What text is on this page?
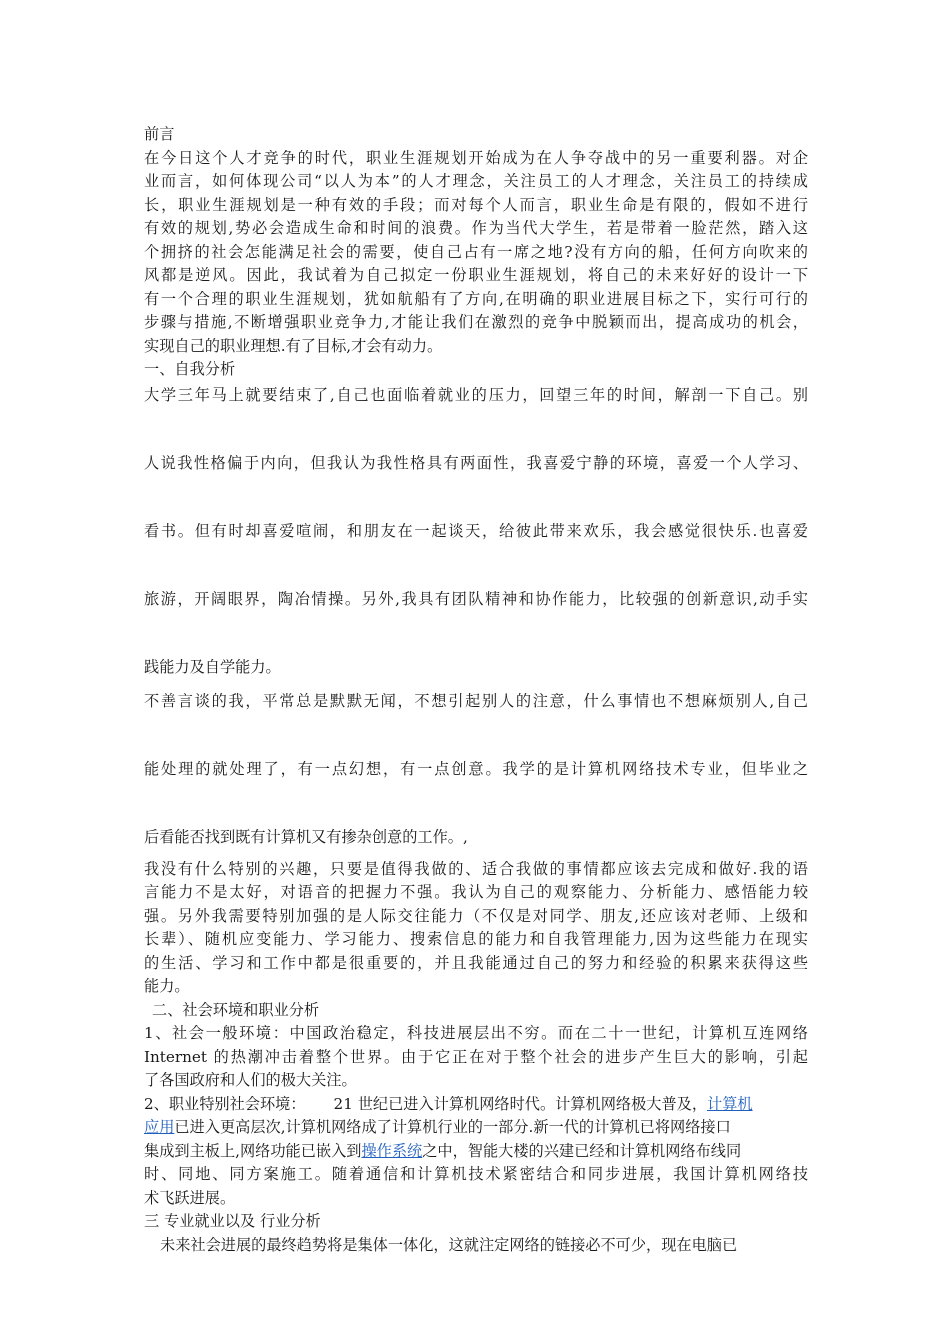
前言
在今日这个人才竞争的时代，职业生涯规划开始成为在人争夺战中的另一重要利器。对企
业而言，如何体现公司“以人为本”的人才理念，关注员工的人才理念，关注员工的持续成
长，职业生涯规划是一种有效的手段；而对每个人而言，职业生命是有限的，假如不进行
有效的规划,势必会造成生命和时间的浪费。作为当代大学生，若是带着一脸茫然，踏入这
个拥挤的社会怎能满足社会的需要，使自己占有一席之地?没有方向的船，任何方向吹来的
风都是逆风。因此，我试着为自己拟定一份职业生涯规划，将自己的未来好好的设计一下
有一个合理的职业生涯规划，犹如航船有了方向,在明确的职业进展目标之下，实行可行的
步骤与措施,不断增强职业竞争力,才能让我们在激烈的竞争中脱颖而出，提高成功的机会，
实现自己的职业理想.有了目标,才会有动力。
一、自我分析
大学三年马上就要结束了,自己也面临着就业的压力，回望三年的时间，解剖一下自己。别
人说我性格偏于内向，但我认为我性格具有两面性，我喜爱宁静的环境，喜爱一个人学习、
看书。但有时却喜爱喧闹，和朋友在一起谈天，给彼此带来欢乐，我会感觉很快乐.也喜爱
旅游，开阔眼界，陶冶情操。另外,我具有团队精神和协作能力，比较强的创新意识,动手实
践能力及自学能力。
不善言谈的我，平常总是默默无闻，不想引起别人的注意，什么事情也不想麻烦别人,自己
能处理的就处理了，有一点幻想，有一点创意。我学的是计算机网络技术专业，但毕业之
后看能否找到既有计算机又有掺杂创意的工作。,
我没有什么特别的兴趣，只要是值得我做的、适合我做的事情都应该去完成和做好.我的语
言能力不是太好，对语音的把握力不强。我认为自己的观察能力、分析能力、感悟能力较
强。另外我需要特别加强的是人际交往能力（不仅是对同学、朋友,还应该对老师、上级和
长辈）、随机应变能力、学习能力、搜索信息的能力和自我管理能力,因为这些能力在现实
的生活、学习和工作中都是很重要的，并且我能通过自己的努力和经验的积累来获得这些
能力。
二、社会环境和职业分析
1、社会一般环境：中国政治稳定，科技进展层出不穷。而在二十一世纪，计算机互连网络
Internet 的热潮冲击着整个世界。由于它正在对于整个社会的进步产生巨大的影响，引起
了各国政府和人们的极大关注。
2、职业特别社会环境： 21 世纪已进入计算机网络时代。计算机网络极大普及，计算机
应用已进入更高层次,计算机网络成了计算机行业的一部分.新一代的计算机已将网络接口
集成到主板上,网络功能已嵌入到操作系统之中，智能大楼的兴建已经和计算机网络布线同
时、同地、同方案施工。随着通信和计算机技术紧密结合和同步进展，我国计算机网络技
术飞跃进展。
三 专业就业以及 行业分析
未来社会进展的最终趋势将是集体一体化，这就注定网络的链接必不可少，现在电脑已
